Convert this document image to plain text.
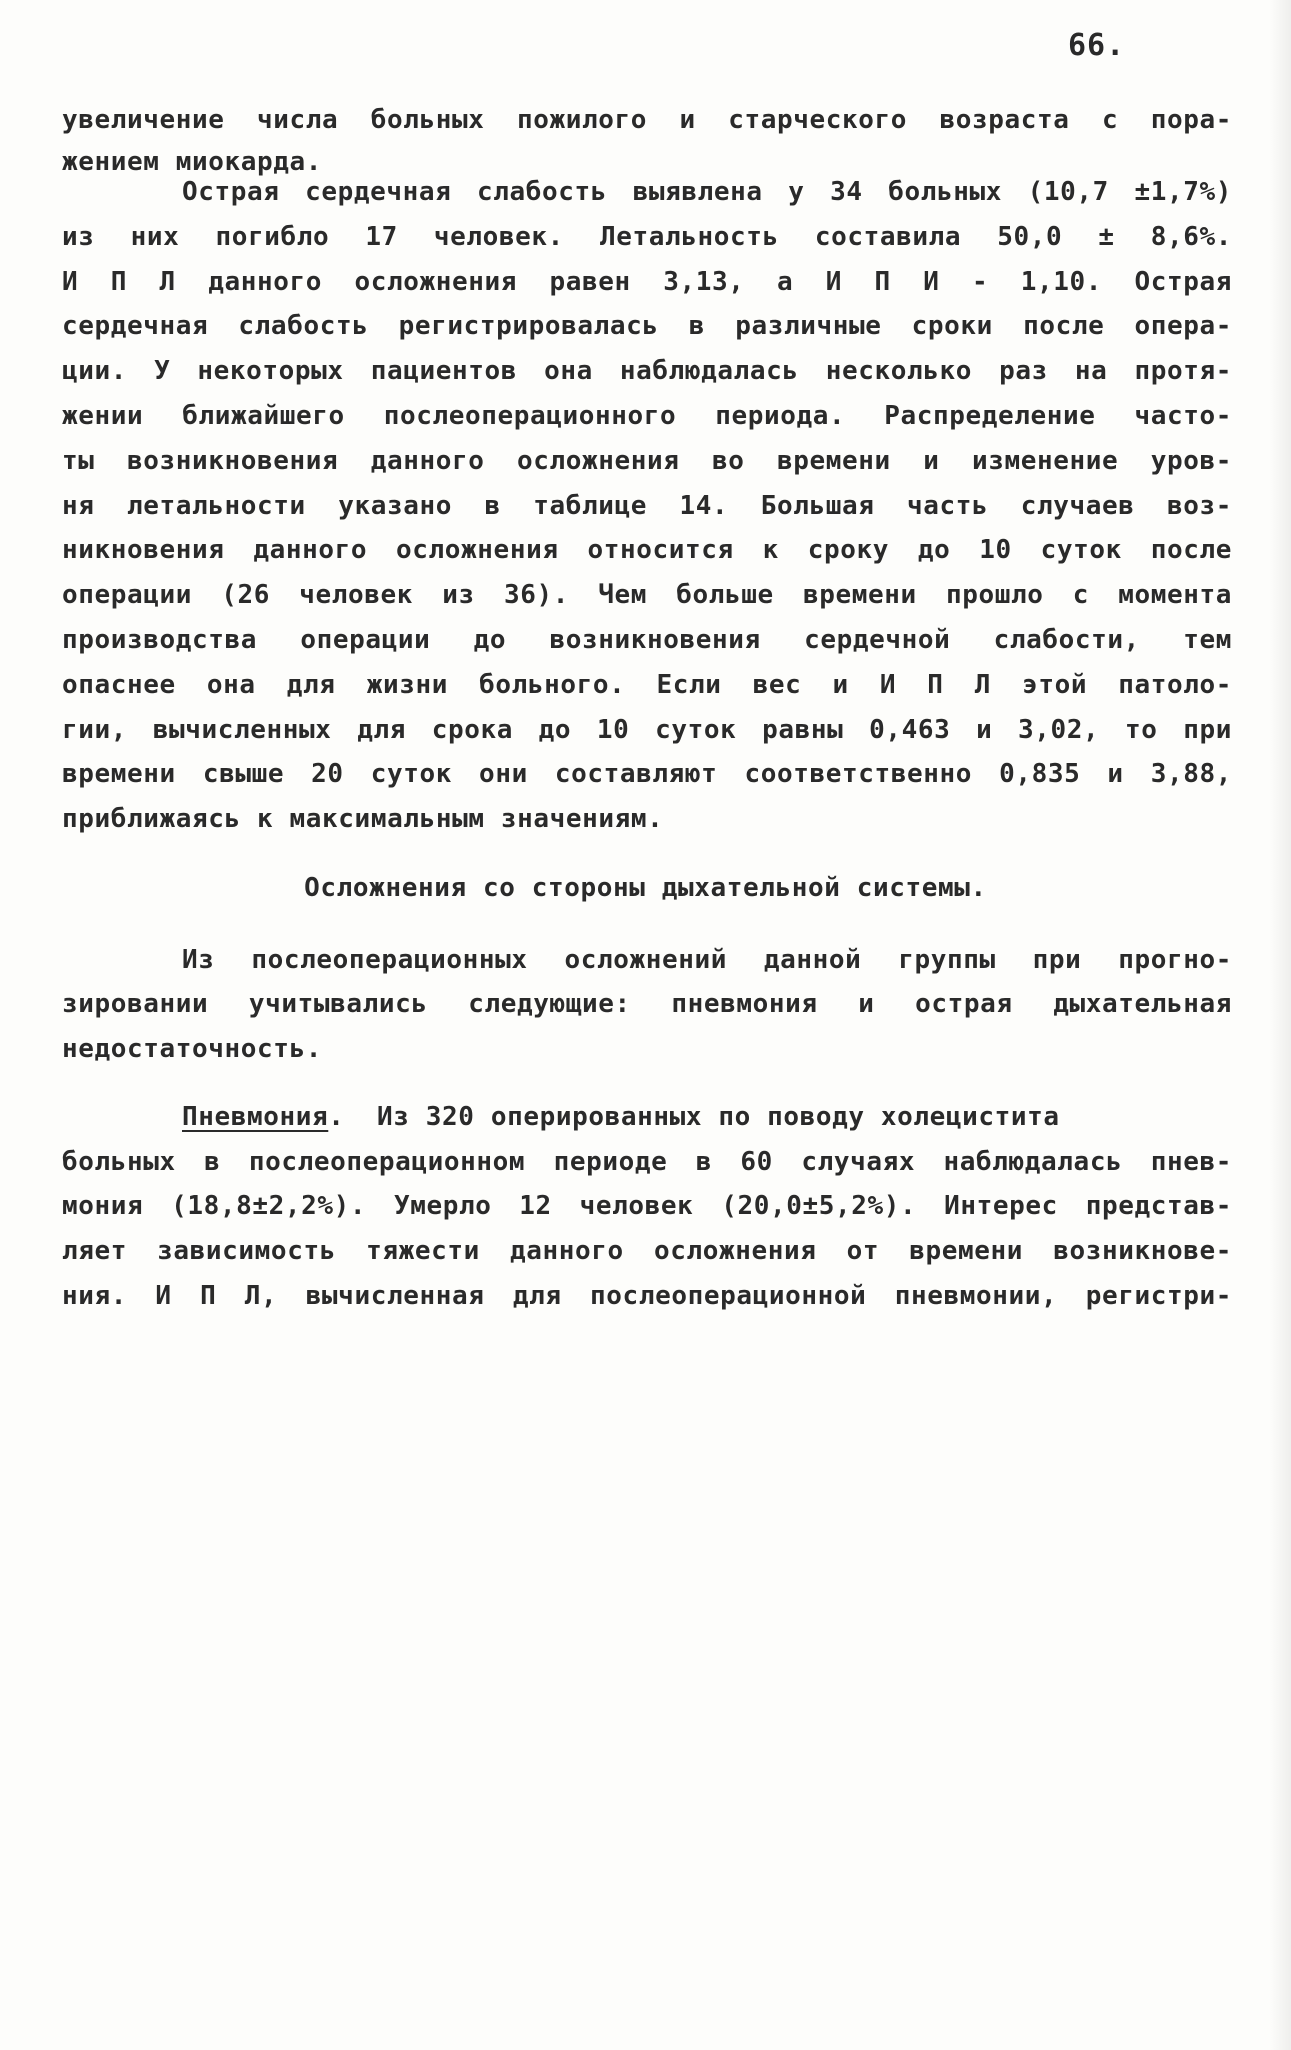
66.
увеличение числа больных пожилого и старческого возраста с пора-
жением миокарда.
Острая сердечная слабость выявлена у 34 больных (10,7 ±1,7%)
из них погибло 17 человек. Летальность составила 50,0 ± 8,6%.
И П Л данного осложнения равен 3,13, а И П И - 1,10. Острая
сердечная слабость регистрировалась в различные сроки после опера-
ции. У некоторых пациентов она наблюдалась несколько раз на протя-
жении ближайшего послеоперационного периода. Распределение часто-
ты возникновения данного осложнения во времени и изменение уров-
ня летальности указано в таблице 14. Большая часть случаев воз-
никновения данного осложнения относится к сроку до 10 суток после
операции (26 человек из 36). Чем больше времени прошло с момента
производства операции до возникновения сердечной слабости, тем
опаснее она для жизни больного. Если вес и И П Л этой патоло-
гии, вычисленных для срока до 10 суток равны 0,463 и 3,02, то при
времени свыше 20 суток они составляют соответственно 0,835 и 3,88,
приближаясь к максимальным значениям.
Осложнения со стороны дыхательной системы.
Из послеоперационных осложнений данной группы при прогно-
зировании учитывались следующие: пневмония и острая дыхательная
недостаточность.
Пневмония.  Из 320 оперированных по поводу холецистита
больных в послеоперационном периоде в 60 случаях наблюдалась пнев-
мония (18,8±2,2%). Умерло 12 человек (20,0±5,2%). Интерес представ-
ляет зависимость тяжести данного осложнения от времени возникнове-
ния. И П Л, вычисленная для послеоперационной пневмонии, регистри-
